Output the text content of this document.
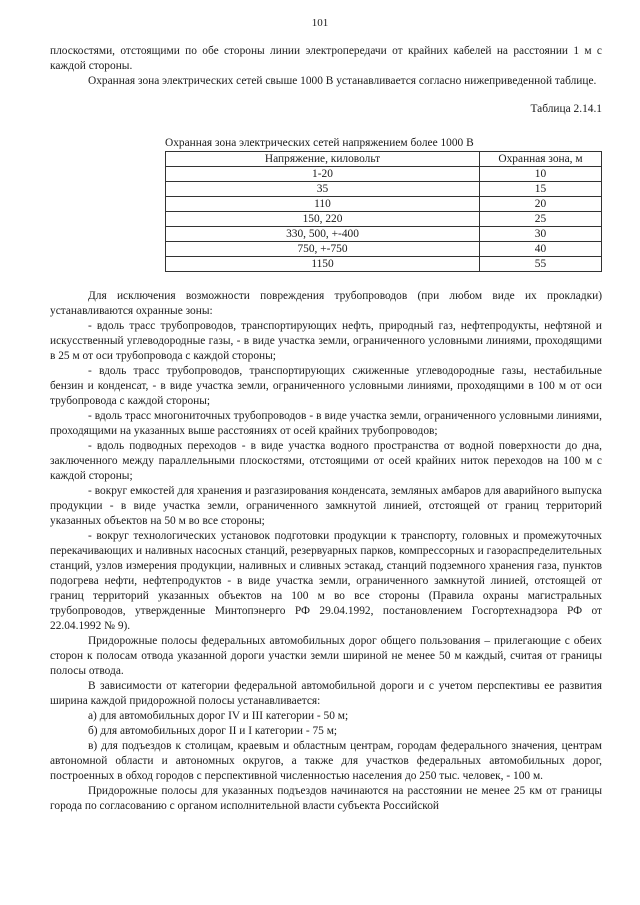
101

плоскостями, отстоящими по обе стороны линии электропередачи от крайних кабелей на расстоянии 1 м с каждой стороны.

Охранная зона электрических сетей свыше 1000 В устанавливается согласно нижеприведенной таблице.

Таблица 2.14.1
Охранная зона электрических сетей напряжением более 1000 В
Напряжение, киловольт	Охранная зона, м
1-20	10
35	15
110	20
150, 220	25
330, 500, +-400	30
750, +-750	40
1150	55

Для исключения возможности повреждения трубопроводов (при любом виде их прокладки) устанавливаются охранные зоны:

- вдоль трасс трубопроводов, транспортирующих нефть, природный газ, нефтепродукты, нефтяной и искусственный углеводородные газы, - в виде участка земли, ограниченного условными линиями, проходящими в 25 м от оси трубопровода с каждой стороны;

- вдоль трасс трубопроводов, транспортирующих сжиженные углеводородные газы, нестабильные бензин и конденсат, - в виде участка земли, ограниченного условными линиями, проходящими в 100 м от оси трубопровода с каждой стороны;

- вдоль трасс многониточных трубопроводов - в виде участка земли, ограниченного условными линиями, проходящими на указанных выше расстояниях от осей крайних трубопроводов;

- вдоль подводных переходов - в виде участка водного пространства от водной поверхности до дна, заключенного между параллельными плоскостями, отстоящими от осей крайних ниток переходов на 100 м с каждой стороны;

- вокруг емкостей для хранения и разгазирования конденсата, земляных амбаров для аварийного выпуска продукции - в виде участка земли, ограниченного замкнутой линией, отстоящей от границ территорий указанных объектов на 50 м во все стороны;

- вокруг технологических установок подготовки продукции к транспорту, головных и промежуточных перекачивающих и наливных насосных станций, резервуарных парков, компрессорных и газораспределительных станций, узлов измерения продукции, наливных и сливных эстакад, станций подземного хранения газа, пунктов подогрева нефти, нефтепродуктов - в виде участка земли, ограниченного замкнутой линией, отстоящей от границ территорий указанных объектов на 100 м во все стороны (Правила охраны магистральных трубопроводов, утвержденные Минтопэнерго РФ 29.04.1992, постановлением Госгортехнадзора РФ от 22.04.1992 № 9).

Придорожные полосы федеральных автомобильных дорог общего пользования – прилегающие с обеих сторон к полосам отвода указанной дороги участки земли шириной не менее 50 м каждый, считая от границы полосы отвода.

В зависимости от категории федеральной автомобильной дороги и с учетом перспективы ее развития ширина каждой придорожной полосы устанавливается:

а) для автомобильных дорог IV и III категории - 50 м;

б) для автомобильных дорог II и I категории - 75 м;

в) для подъездов к столицам, краевым и областным центрам, городам федерального значения, центрам автономной области и автономных округов, а также для участков федеральных автомобильных дорог, построенных в обход городов с перспективной численностью населения до 250 тыс. человек, - 100 м.

Придорожные полосы для указанных подъездов начинаются на расстоянии не менее 25 км от границы города по согласованию с органом исполнительной власти субъекта Российской
